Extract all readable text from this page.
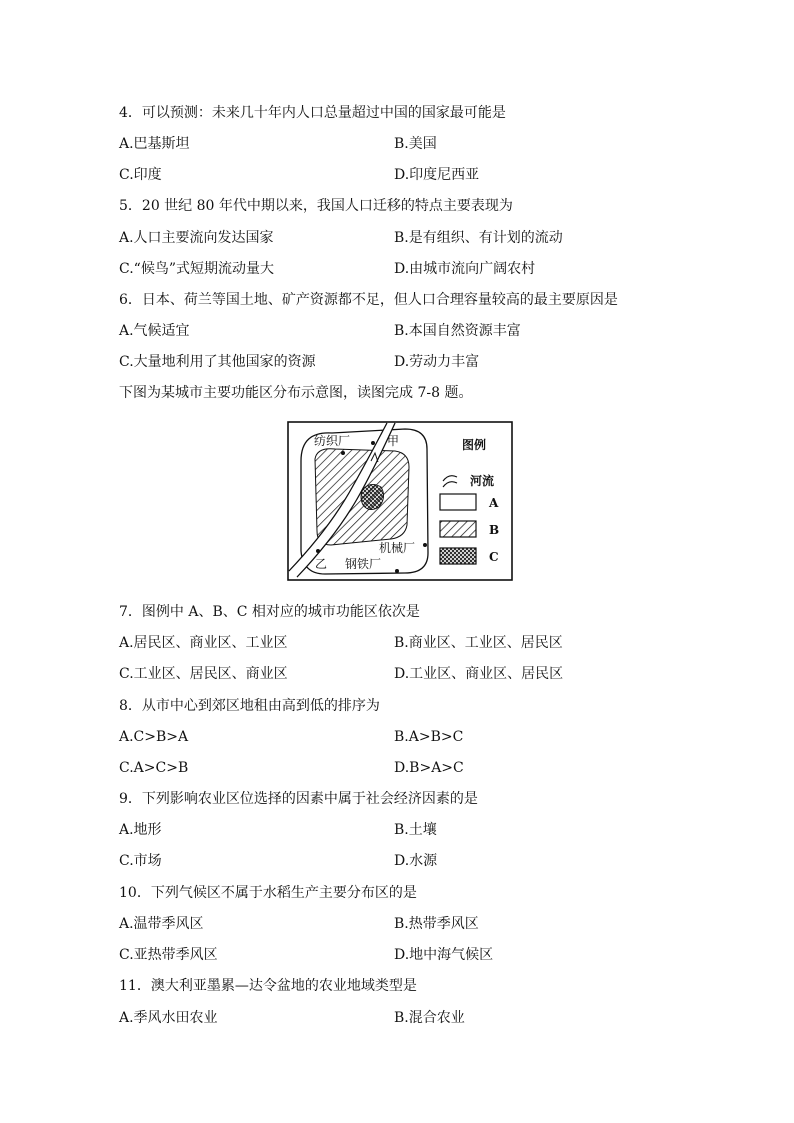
4．可以预测：未来几十年内人口总量超过中国的国家最可能是
A.巴基斯坦	B.美国
C.印度	D.印度尼西亚
5．20 世纪 80 年代中期以来，我国人口迁移的特点主要表现为
A.人口主要流向发达国家	B.是有组织、有计划的流动
C.“候鸟”式短期流动量大	D.由城市流向广阔农村
6．日本、荷兰等国土地、矿产资源都不足，但人口合理容量较高的最主要原因是
A.气候适宜	B.本国自然资源丰富
C.大量地利用了其他国家的资源	D.劳动力丰富
下图为某城市主要功能区分布示意图，读图完成 7-8 题。
纺织厂	甲
乙
机械厂
钢铁厂
图例
河流
A
B
C
7．图例中 A、B、C 相对应的城市功能区依次是
A.居民区、商业区、工业区	B.商业区、工业区、居民区
C.工业区、居民区、商业区	D.工业区、商业区、居民区
8．从市中心到郊区地租由高到低的排序为
A.C>B>A	B.A>B>C
C.A>C>B	D.B>A>C
9．下列影响农业区位选择的因素中属于社会经济因素的是
A.地形	B.土壤
C.市场	D.水源
10．下列气候区不属于水稻生产主要分布区的是
A.温带季风区	B.热带季风区
C.亚热带季风区	D.地中海气候区
11．澳大利亚墨累—达令盆地的农业地域类型是
A.季风水田农业	B.混合农业
